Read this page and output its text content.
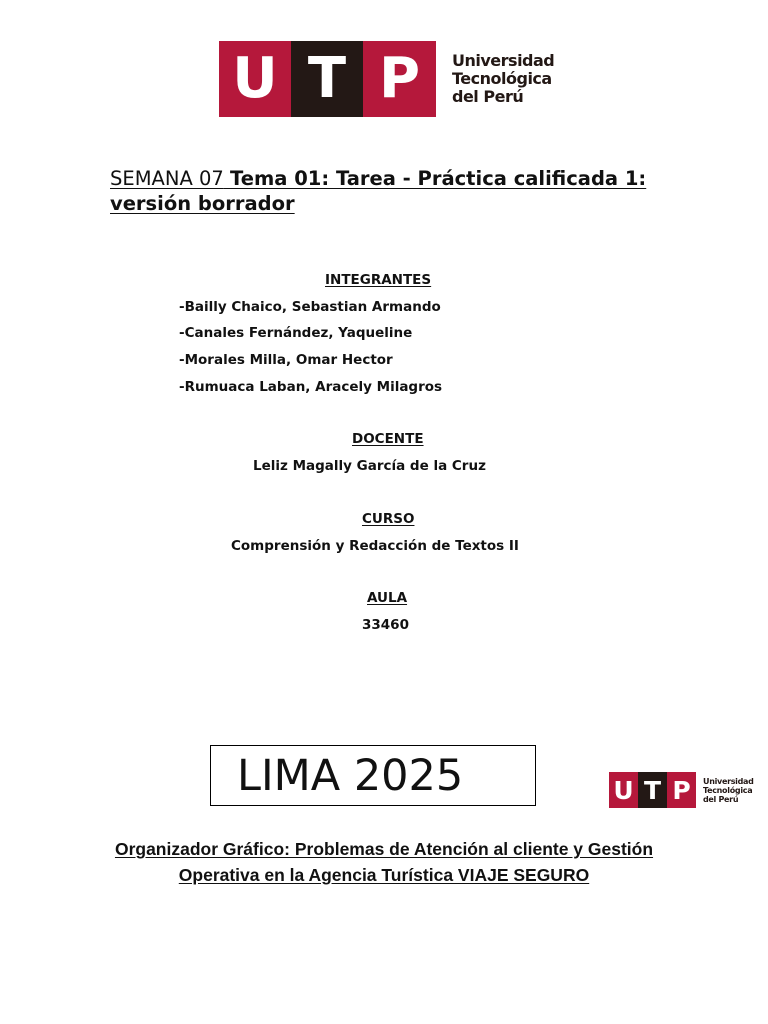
U T P	Universidad
Tecnológica
del Perú
SEMANA 07 Tema 01: Tarea - Práctica calificada 1: versión borrador
INTEGRANTES
-Bailly Chaico, Sebastian Armando
-Canales Fernández, Yaqueline
-Morales Milla, Omar Hector
-Rumuaca Laban, Aracely Milagros
DOCENTE
Leliz Magally García de la Cruz
CURSO
Comprensión y Redacción de Textos II
AULA
33460
LIMA 2025	U T P	Universidad
Tecnológica
del Perú
Organizador Gráfico: Problemas de Atención al cliente y Gestión
Operativa en la Agencia Turística VIAJE SEGURO
